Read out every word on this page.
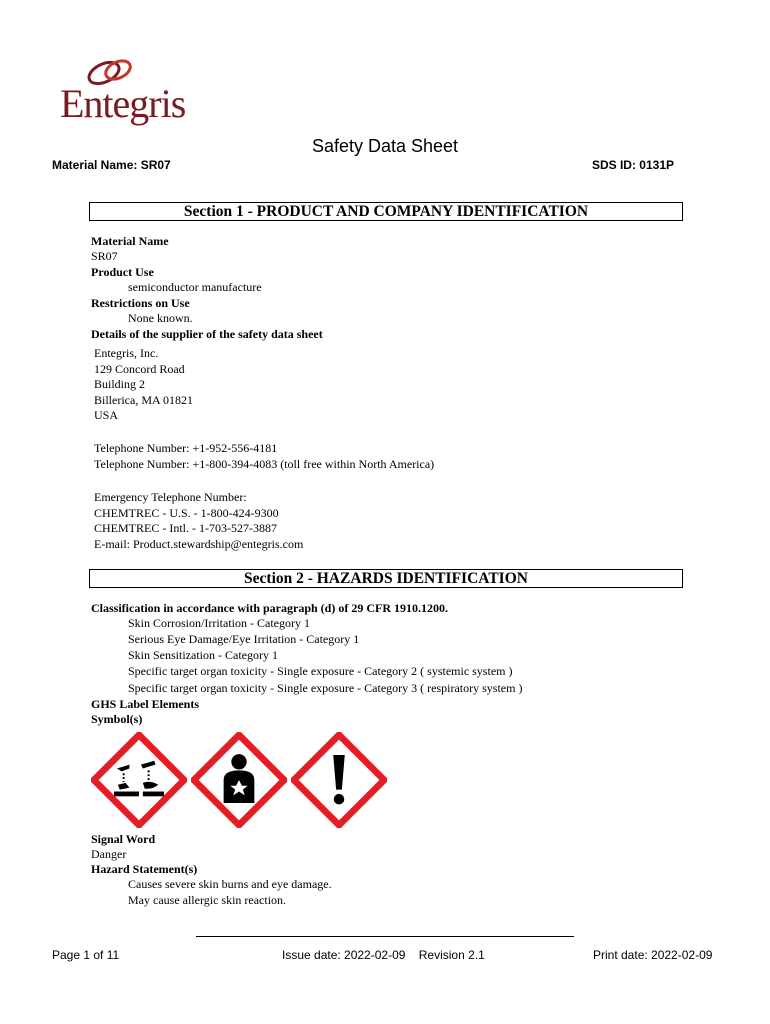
Entegris
Safety Data Sheet
Material Name: SR07	SDS ID: 0131P
Section 1 - PRODUCT AND COMPANY IDENTIFICATION
Material Name
SR07
Product Use
semiconductor manufacture
Restrictions on Use
None known.
Details of the supplier of the safety data sheet
Entegris, Inc.
129 Concord Road
Building 2
Billerica, MA 01821
USA
Telephone Number: +1-952-556-4181
Telephone Number: +1-800-394-4083 (toll free within North America)
Emergency Telephone Number:
CHEMTREC - U.S. - 1-800-424-9300
CHEMTREC - Intl. - 1-703-527-3887
E-mail: Product.stewardship@entegris.com
Section 2 - HAZARDS IDENTIFICATION
Classification in accordance with paragraph (d) of 29 CFR 1910.1200.
Skin Corrosion/Irritation - Category 1
Serious Eye Damage/Eye Irritation - Category 1
Skin Sensitization - Category 1
Specific target organ toxicity - Single exposure - Category 2 ( systemic system )
Specific target organ toxicity - Single exposure - Category 3 ( respiratory system )
GHS Label Elements
Symbol(s)
Signal Word
Danger
Hazard Statement(s)
Causes severe skin burns and eye damage.
May cause allergic skin reaction.
Page 1 of 11	Issue date: 2022-02-09    Revision 2.1	Print date: 2022-02-09
